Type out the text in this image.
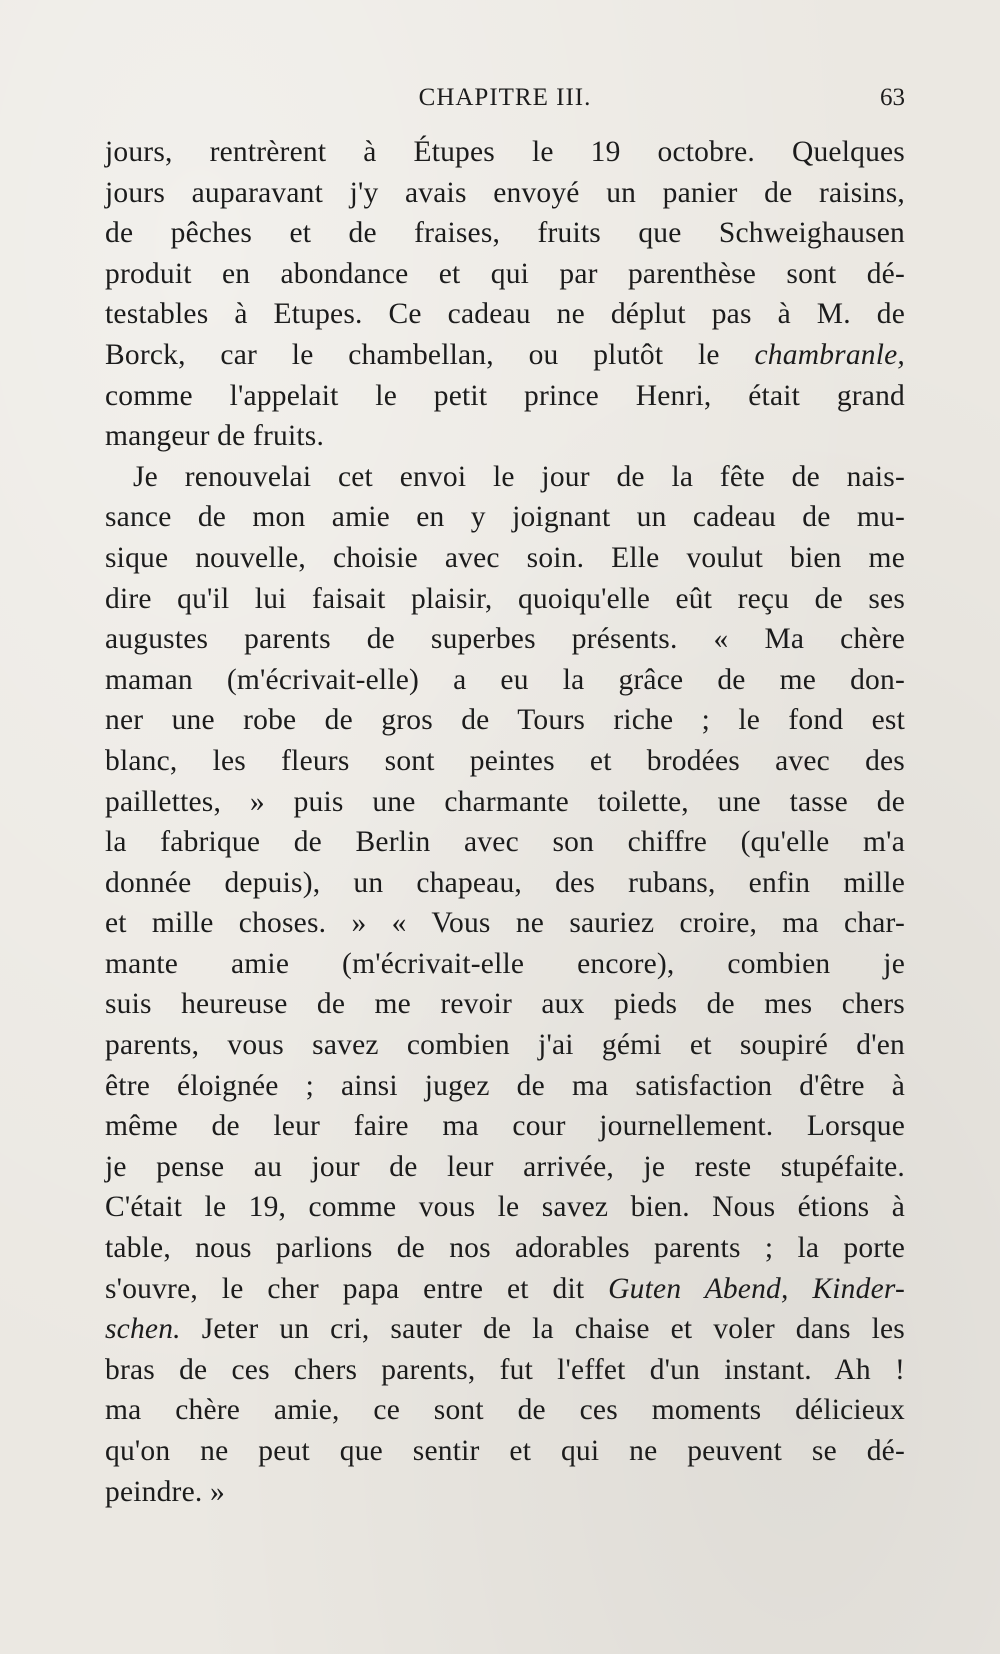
CHAPITRE III.	63
jours, rentrèrent à Étupes le 19 octobre. Quelques
jours auparavant j'y avais envoyé un panier de raisins,
de pêches et de fraises, fruits que Schweighausen
produit en abondance et qui par parenthèse sont dé-
testables à Etupes. Ce cadeau ne déplut pas à M. de
Borck, car le chambellan, ou plutôt le chambranle,
comme l'appelait le petit prince Henri, était grand
mangeur de fruits.
Je renouvelai cet envoi le jour de la fête de nais-
sance de mon amie en y joignant un cadeau de mu-
sique nouvelle, choisie avec soin. Elle voulut bien me
dire qu'il lui faisait plaisir, quoiqu'elle eût reçu de ses
augustes parents de superbes présents. « Ma chère
maman (m'écrivait-elle) a eu la grâce de me don-
ner une robe de gros de Tours riche ; le fond est
blanc, les fleurs sont peintes et brodées avec des
paillettes, » puis une charmante toilette, une tasse de
la fabrique de Berlin avec son chiffre (qu'elle m'a
donnée depuis), un chapeau, des rubans, enfin mille
et mille choses. » « Vous ne sauriez croire, ma char-
mante amie (m'écrivait-elle encore), combien je
suis heureuse de me revoir aux pieds de mes chers
parents, vous savez combien j'ai gémi et soupiré d'en
être éloignée ; ainsi jugez de ma satisfaction d'être à
même de leur faire ma cour journellement. Lorsque
je pense au jour de leur arrivée, je reste stupéfaite.
C'était le 19, comme vous le savez bien. Nous étions à
table, nous parlions de nos adorables parents ; la porte
s'ouvre, le cher papa entre et dit Guten Abend, Kinder-
schen. Jeter un cri, sauter de la chaise et voler dans les
bras de ces chers parents, fut l'effet d'un instant. Ah !
ma chère amie, ce sont de ces moments délicieux
qu'on ne peut que sentir et qui ne peuvent se dé-
peindre. »
